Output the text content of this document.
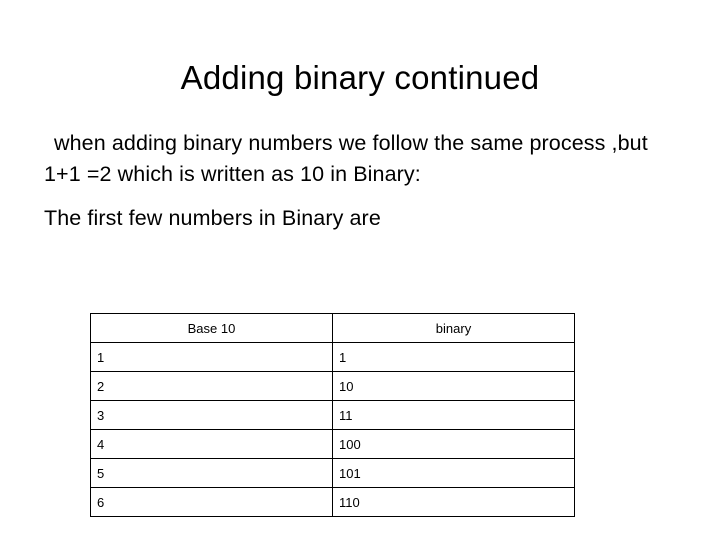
Adding binary continued

when adding binary numbers we follow the same process ,but 1+1 =2 which is written as 10 in Binary:

The first few numbers in Binary are

Base 10	binary
1	1
2	10
3	11
4	100
5	101
6	110
